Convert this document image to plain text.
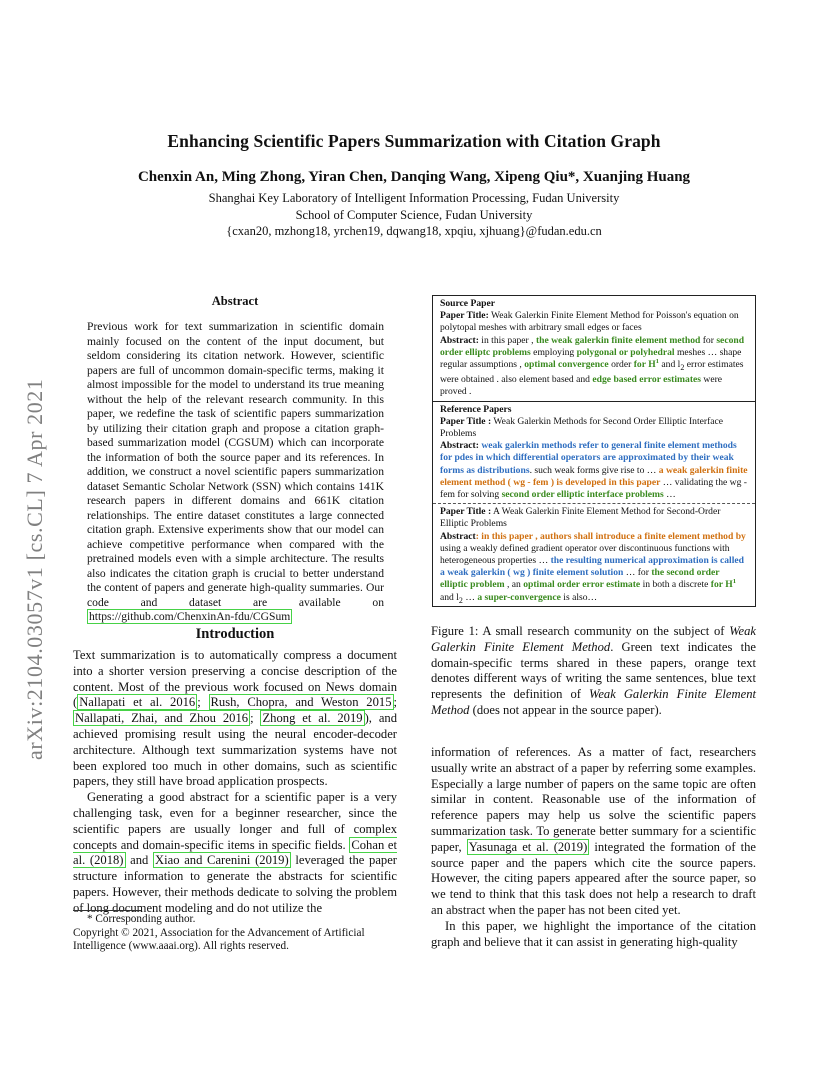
Enhancing Scientific Papers Summarization with Citation Graph
Chenxin An, Ming Zhong, Yiran Chen, Danqing Wang, Xipeng Qiu*, Xuanjing Huang
Shanghai Key Laboratory of Intelligent Information Processing, Fudan University
School of Computer Science, Fudan University
{cxan20, mzhong18, yrchen19, dqwang18, xpqiu, xjhuang}@fudan.edu.cn
arXiv:2104.03057v1 [cs.CL] 7 Apr 2021
Abstract
Previous work for text summarization in scientific domain mainly focused on the content of the input document, but seldom considering its citation network. However, scientific papers are full of uncommon domain-specific terms, making it almost impossible for the model to understand its true meaning without the help of the relevant research community. In this paper, we redefine the task of scientific papers summarization by utilizing their citation graph and propose a citation graph-based summarization model (CGSUM) which can incorporate the information of both the source paper and its references. In addition, we construct a novel scientific papers summarization dataset Semantic Scholar Network (SSN) which contains 141K research papers in different domains and 661K citation relationships. The entire dataset constitutes a large connected citation graph. Extensive experiments show that our model can achieve competitive performance when compared with the pretrained models even with a simple architecture. The results also indicates the citation graph is crucial to better understand the content of papers and generate high-quality summaries. Our code and dataset are available on https://github.com/ChenxinAn-fdu/CGSum
Introduction

Text summarization is to automatically compress a document into a shorter version preserving a concise description of the content. Most of the previous work focused on News domain ( Nallapati et al. 2016 ; Rush, Chopra, and Weston 2015 ; Nallapati, Zhai, and Zhou 2016 ; Zhong et al. 2019 ), and achieved promising result using the neural encoder-decoder architecture. Although text summarization systems have not been explored too much in other domains, such as scientific papers, they still have broad application prospects.

Generating a good abstract for a scientific paper is a very challenging task, even for a beginner researcher, since the scientific papers are usually longer and full of complex concepts and domain-specific items in specific fields. Cohan et al. (2018) and Xiao and Carenini (2019) leveraged the paper structure information to generate the abstracts for scientific papers. However, their methods dedicate to solving the problem of long document modeling and do not utilize the

* Corresponding author.

Copyright © 2021, Association for the Advancement of Artificial Intelligence (www.aaai.org). All rights reserved.

Source Paper

Paper Title: Weak Galerkin Finite Element Method for Poisson's equation on polytopal meshes with arbitrary small edges or faces

Abstract: in this paper , the weak galerkin finite element method for second order elliptc problems employing polygonal or polyhedral meshes … shape regular assumptions , optimal convergence order for $H^1$ and $l_2$ error estimates were obtained . also element based and edge based error estimates were proved .

Reference Papers

Paper Title : Weak Galerkin Methods for Second Order Elliptic Interface Problems

Abstract: weak galerkin methods refer to general finite element methods for pdes in which differential operators are approximated by their weak forms as distributions. such weak forms give rise to … a weak galerkin finite element method ( wg - fem ) is developed in this paper … validating the wg - fem for solving second order elliptic interface problems …

Paper Title : A Weak Galerkin Finite Element Method for Second-Order Elliptic Problems

Abstract: in this paper , authors shall introduce a finite element method by using a weakly defined gradient operator over discontinuous functions with heterogeneous properties … the resulting numerical approximation is called a weak galerkin ( wg ) finite element solution … for the second order elliptic problem , an optimal order error estimate in both a discrete for $H^1$ and $l_2$ … a super-convergence is also…

Figure 1: A small research community on the subject of Weak Galerkin Finite Element Method. Green text indicates the domain-specific terms shared in these papers, orange text denotes different ways of writing the same sentences, blue text represents the definition of Weak Galerkin Finite Element Method (does not appear in the source paper).

information of references. As a matter of fact, researchers usually write an abstract of a paper by referring some examples. Especially a large number of papers on the same topic are often similar in content. Reasonable use of the information of reference papers may help us solve the scientific papers summarization task. To generate better summary for a scientific paper, Yasunaga et al. (2019) integrated the formation of the source paper and the papers which cite the source papers. However, the citing papers appeared after the source paper, so we tend to think that this task does not help a research to draft an abstract when the paper has not been cited yet.

In this paper, we highlight the importance of the citation graph and believe that it can assist in generating high-quality
